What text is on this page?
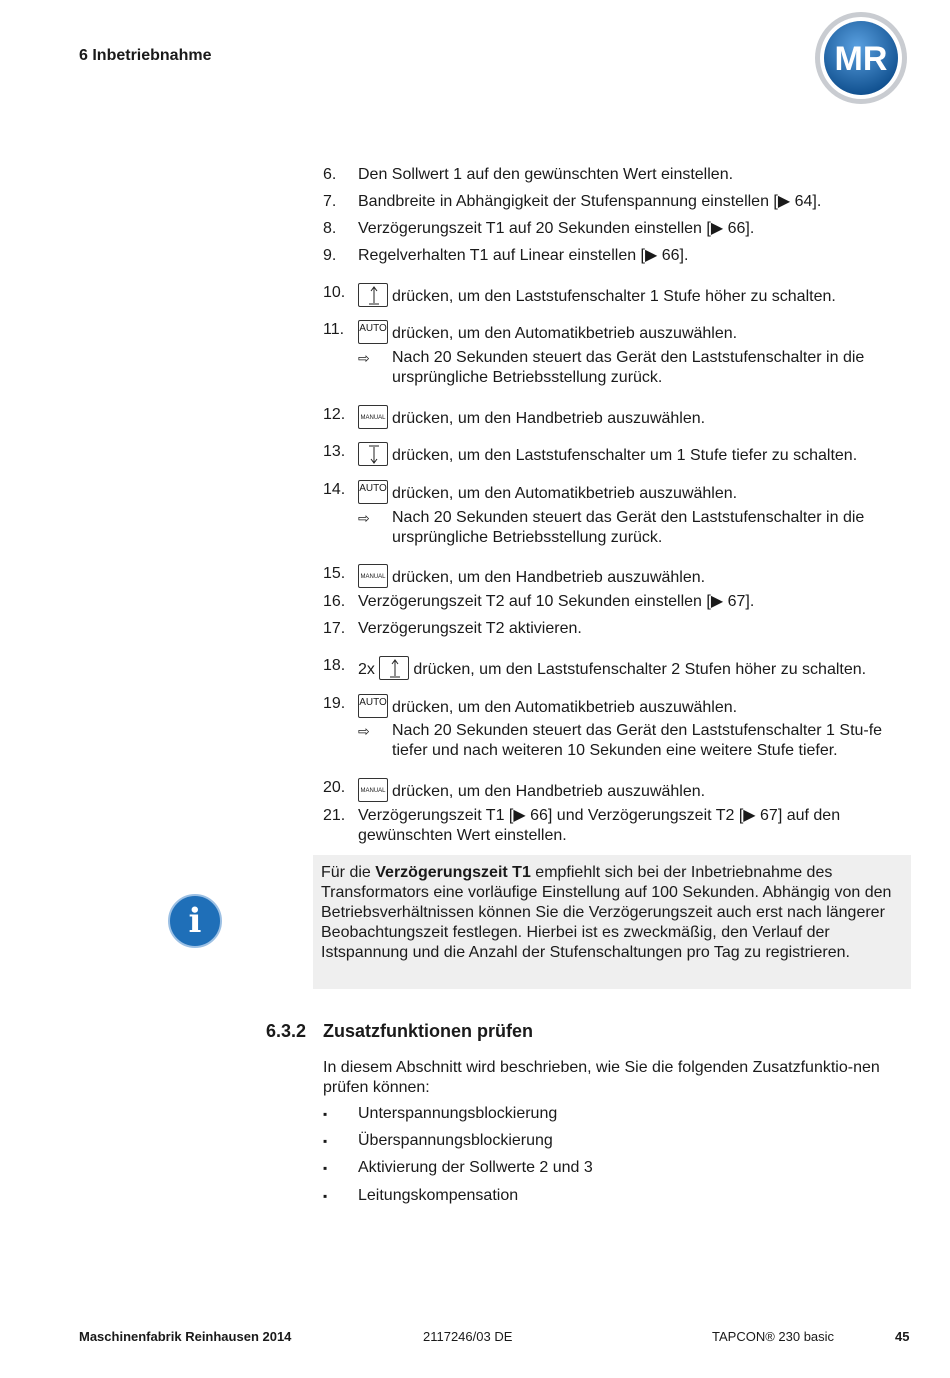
6 Inbetriebnahme	MR
6. Den Sollwert 1 auf den gewünschten Wert einstellen.
7. Bandbreite in Abhängigkeit der Stufenspannung einstellen [▶ 64].
8. Verzögerungszeit T1 auf 20 Sekunden einstellen [▶ 66].
9. Regelverhalten T1 auf Linear einstellen [▶ 66].
10.	drücken, um den Laststufenschalter 1 Stufe höher zu schalten.
11. AUTO drücken, um den Automatikbetrieb auszuwählen.
⇨ Nach 20 Sekunden steuert das Gerät den Laststufenschalter in die ursprüngliche Betriebsstellung zurück.
12.	MANUAL drücken, um den Handbetrieb auszuwählen.
13.	drücken, um den Laststufenschalter um 1 Stufe tiefer zu schalten.
14. AUTO drücken, um den Automatikbetrieb auszuwählen.
⇨ Nach 20 Sekunden steuert das Gerät den Laststufenschalter in die ursprüngliche Betriebsstellung zurück.
15.	MANUAL drücken, um den Handbetrieb auszuwählen.
16. Verzögerungszeit T2 auf 10 Sekunden einstellen [▶ 67].
17. Verzögerungszeit T2 aktivieren.
18. 2x drücken, um den Laststufenschalter 2 Stufen höher zu schalten.
19. AUTO drücken, um den Automatikbetrieb auszuwählen.
⇨ Nach 20 Sekunden steuert das Gerät den Laststufenschalter 1 Stu-fe tiefer und nach weiteren 10 Sekunden eine weitere Stufe tiefer.
20.	MANUAL drücken, um den Handbetrieb auszuwählen.
21. Verzögerungszeit T1 [▶ 66] und Verzögerungszeit T2 [▶ 67] auf den gewünschten Wert einstellen.
i
Für die Verzögerungszeit T1 empfiehlt sich bei der Inbetriebnahme des Transformators eine vorläufige Einstellung auf 100 Sekunden. Abhängig von den Betriebsverhältnissen können Sie die Verzögerungszeit auch erst nach längerer Beobachtungszeit festlegen. Hierbei ist es zweckmäßig, den Verlauf der Istspannung und die Anzahl der Stufenschaltungen pro Tag zu registrieren.
6.3.2 Zusatzfunktionen prüfen
In diesem Abschnitt wird beschrieben, wie Sie die folgenden Zusatzfunktio-nen prüfen können:
▪ Unterspannungsblockierung
▪ Überspannungsblockierung
▪ Aktivierung der Sollwerte 2 und 3
▪ Leitungskompensation
Maschinenfabrik Reinhausen 2014	2117246/03 DE	TAPCON® 230 basic	45
